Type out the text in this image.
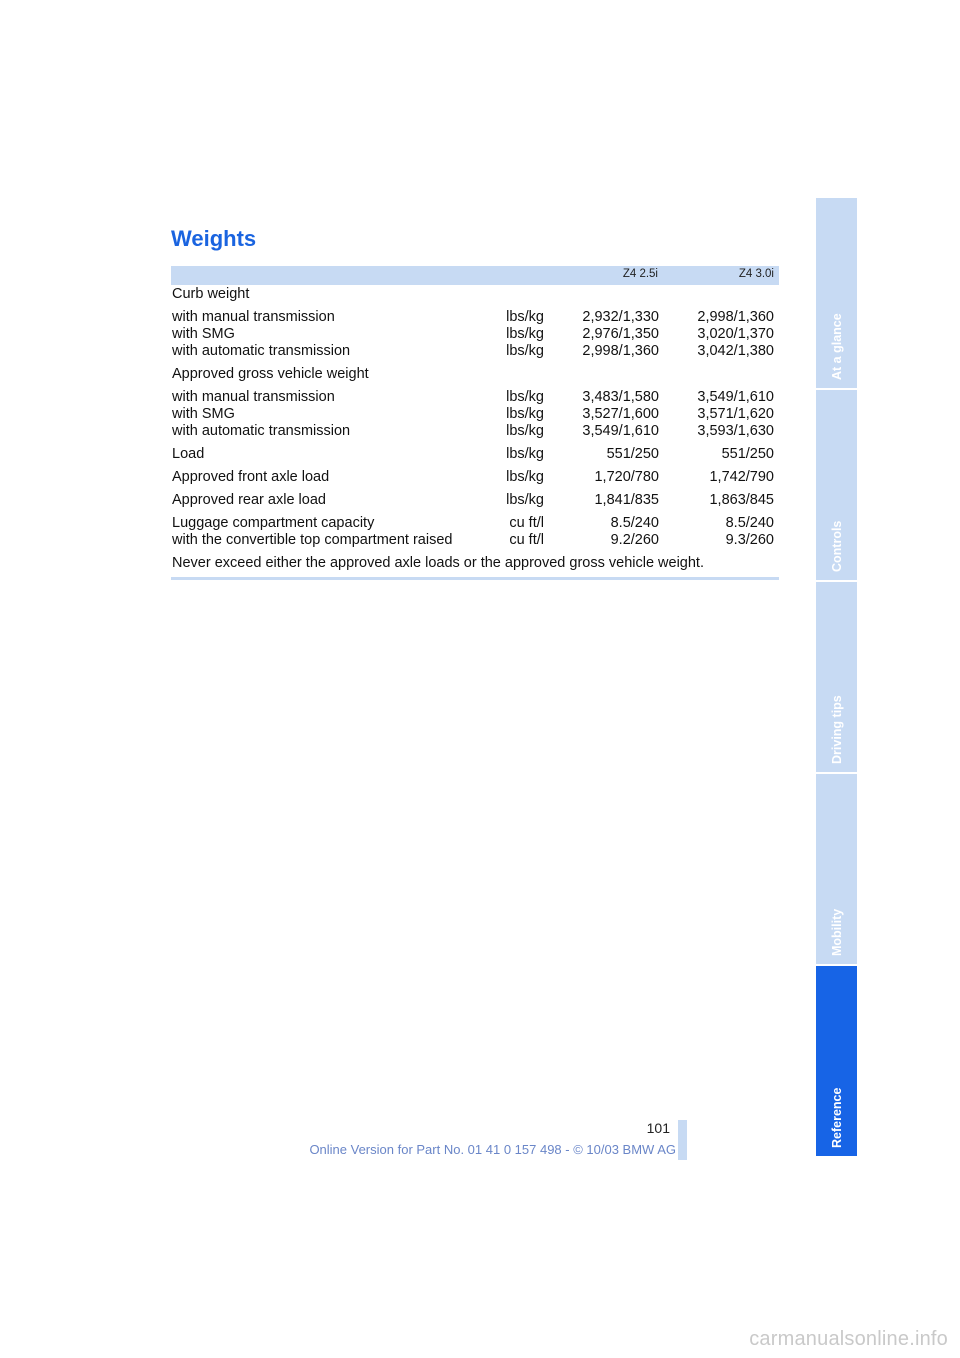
Weights
Z4 2.5i	Z4 3.0i
Curb weight
with manual transmission	lbs/kg	2,932/1,330	2,998/1,360
with SMG	lbs/kg	2,976/1,350	3,020/1,370
with automatic transmission	lbs/kg	2,998/1,360	3,042/1,380
Approved gross vehicle weight
with manual transmission	lbs/kg	3,483/1,580	3,549/1,610
with SMG	lbs/kg	3,527/1,600	3,571/1,620
with automatic transmission	lbs/kg	3,549/1,610	3,593/1,630
Load	lbs/kg	551/250	551/250
Approved front axle load	lbs/kg	1,720/780	1,742/790
Approved rear axle load	lbs/kg	1,841/835	1,863/845
Luggage compartment capacity	cu ft/l	8.5/240	8.5/240
with the convertible top compartment raised	cu ft/l	9.2/260	9.3/260
Never exceed either the approved axle loads or the approved gross vehicle weight.
At a glance
Controls
Driving tips
Mobility
Reference
101
Online Version for Part No. 01 41 0 157 498 - © 10/03 BMW AG
carmanualsonline.info
